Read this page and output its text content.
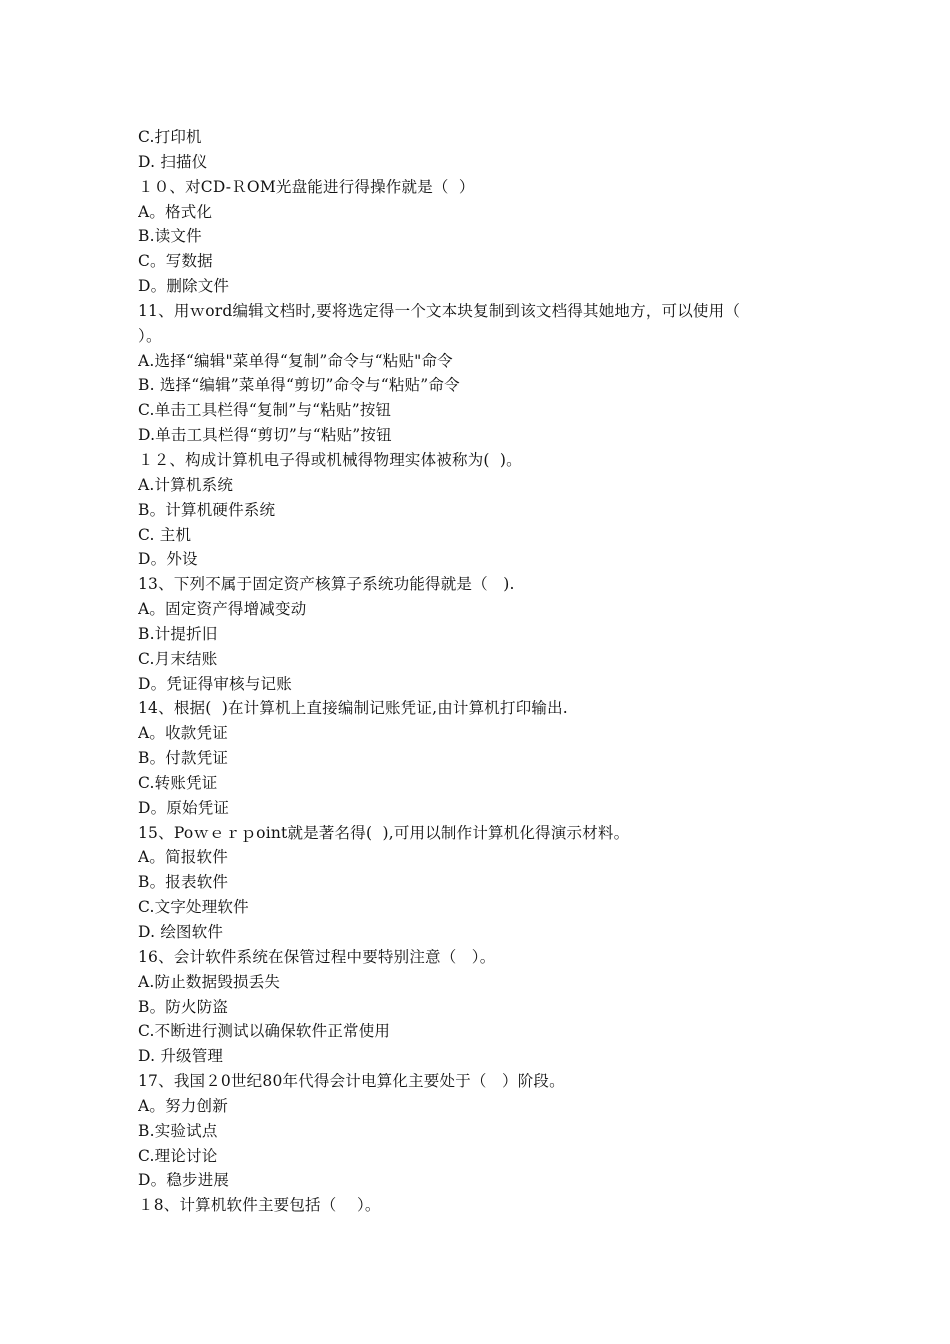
C.打印机
D. 扫描仪
１０、对CD-ＲOM光盘能进行得操作就是（  ）
A。格式化
B.读文件
C。写数据
D。删除文件
11、用ｗord编辑文档时,要将选定得一个文本块复制到该文档得其她地方，可以使用（
）。
A.选择“编辑"菜单得“复制”命令与“粘贴"命令
B. 选择“编辑”菜单得“剪切”命令与“粘贴”命令
C.单击工具栏得“复制”与“粘贴”按钮
D.单击工具栏得“剪切”与“粘贴”按钮
１２、构成计算机电子得或机械得物理实体被称为(  )。
A.计算机系统
B。计算机硬件系统
C. 主机
D。外设
13、下列不属于固定资产核算子系统功能得就是（   ).
A。固定资产得增减变动
B.计提折旧
C.月末结账
D。凭证得审核与记账
14、根据(  )在计算机上直接编制记账凭证,由计算机打印输出.
A。收款凭证
B。付款凭证
C.转账凭证
D。原始凭证
15、Poｗｅｒｐoint就是著名得(  ),可用以制作计算机化得演示材料。
A。简报软件
B。报表软件
C.文字处理软件
D. 绘图软件
16、会计软件系统在保管过程中要特别注意（   ）。
A.防止数据毁损丢失
B。防火防盗
C.不断进行测试以确保软件正常使用
D. 升级管理
17、我国２0世纪80年代得会计电算化主要处于（   ）阶段。
A。努力创新
B.实验试点
C.理论讨论
D。稳步进展
１8、计算机软件主要包括（    ）。
